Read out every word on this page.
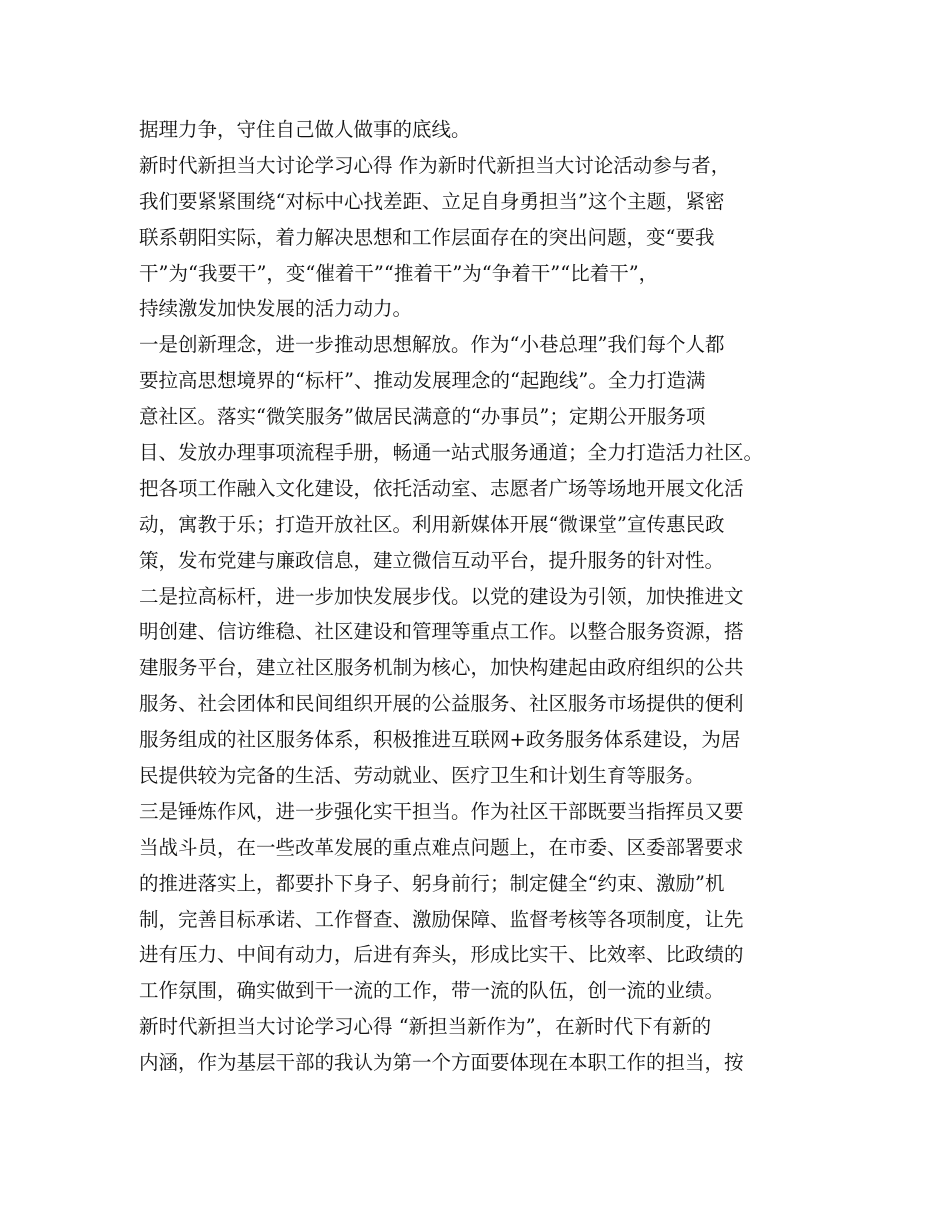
据理力争，守住自己做人做事的底线。
新时代新担当大讨论学习心得 作为新时代新担当大讨论活动参与者，
我们要紧紧围绕“对标中心找差距、立足自身勇担当”这个主题，紧密
联系朝阳实际，着力解决思想和工作层面存在的突出问题，变“要我
干”为“我要干”，变“催着干”“推着干”为“争着干”“比着干”，
持续激发加快发展的活力动力。
一是创新理念，进一步推动思想解放。作为“小巷总理”我们每个人都
要拉高思想境界的“标杆”、推动发展理念的“起跑线”。全力打造满
意社区。落实“微笑服务”做居民满意的“办事员”；定期公开服务项
目、发放办理事项流程手册，畅通一站式服务通道；全力打造活力社区。
把各项工作融入文化建设，依托活动室、志愿者广场等场地开展文化活
动，寓教于乐；打造开放社区。利用新媒体开展“微课堂”宣传惠民政
策，发布党建与廉政信息，建立微信互动平台，提升服务的针对性。
二是拉高标杆，进一步加快发展步伐。以党的建设为引领，加快推进文
明创建、信访维稳、社区建设和管理等重点工作。以整合服务资源，搭
建服务平台，建立社区服务机制为核心，加快构建起由政府组织的公共
服务、社会团体和民间组织开展的公益服务、社区服务市场提供的便利
服务组成的社区服务体系，积极推进互联网+政务服务体系建设，为居
民提供较为完备的生活、劳动就业、医疗卫生和计划生育等服务。
三是锤炼作风，进一步强化实干担当。作为社区干部既要当指挥员又要
当战斗员，在一些改革发展的重点难点问题上，在市委、区委部署要求
的推进落实上，都要扑下身子、躬身前行；制定健全“约束、激励”机
制，完善目标承诺、工作督查、激励保障、监督考核等各项制度，让先
进有压力、中间有动力，后进有奔头，形成比实干、比效率、比政绩的
工作氛围，确实做到干一流的工作，带一流的队伍，创一流的业绩。
新时代新担当大讨论学习心得 “新担当新作为”，在新时代下有新的
内涵，作为基层干部的我认为第一个方面要体现在本职工作的担当，按
